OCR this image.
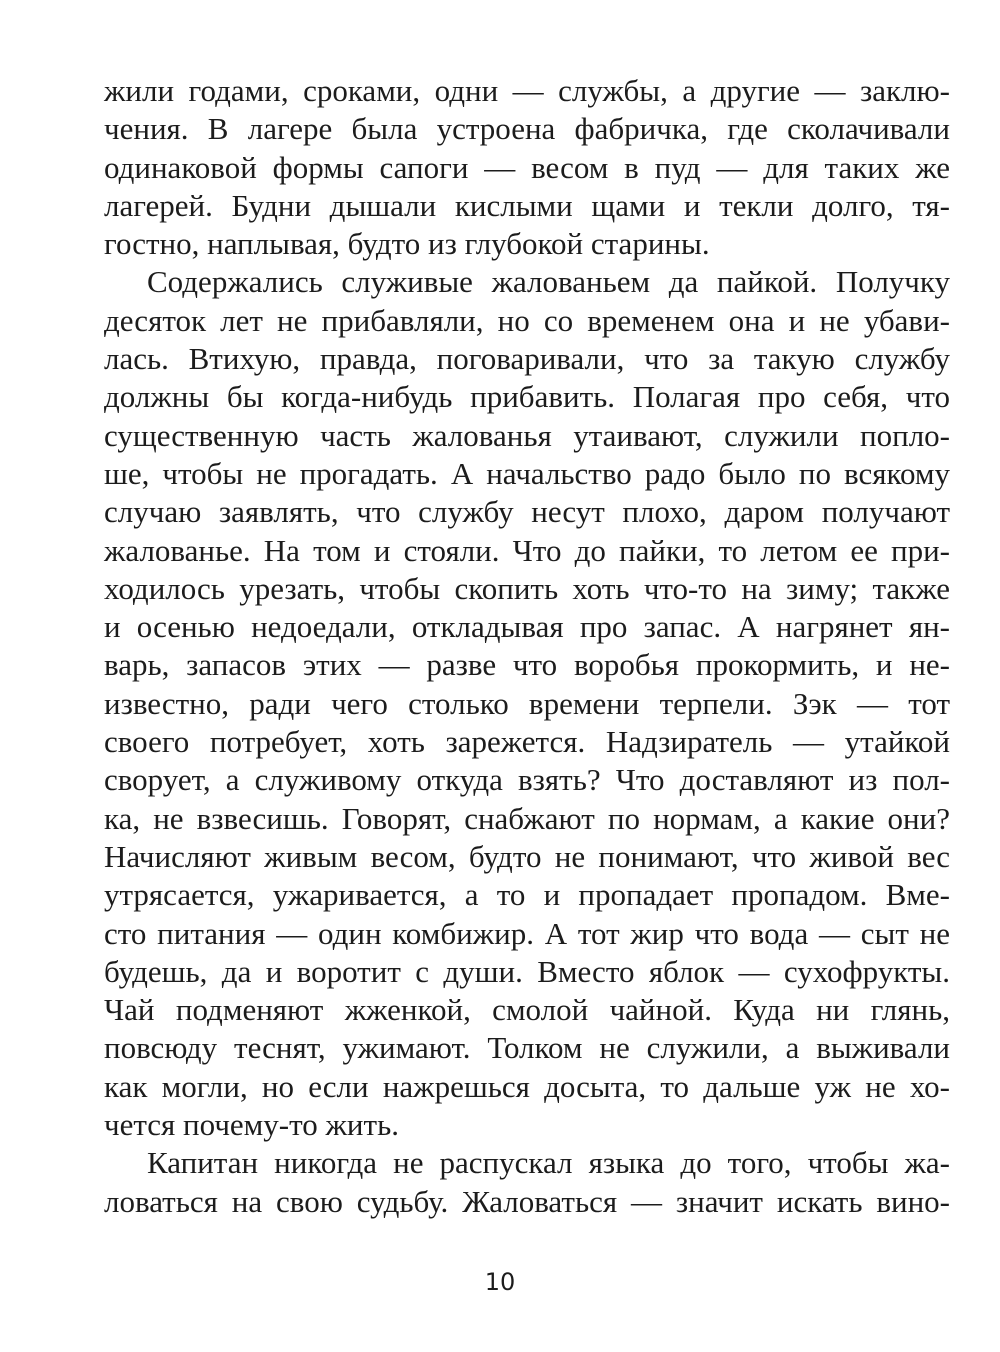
жили годами, сроками, одни — службы, а другие — заклю-
чения. В лагере была устроена фабричка, где сколачивали
одинаковой формы сапоги — весом в пуд — для таких же
лагерей. Будни дышали кислыми щами и текли долго, тя-
гостно, наплывая, будто из глубокой старины.

Содержались служивые жалованьем да пайкой. Получку
десяток лет не прибавляли, но со временем она и не убави-
лась. Втихую, правда, поговаривали, что за такую службу
должны бы когда-нибудь прибавить. Полагая про себя, что
существенную часть жалованья утаивают, служили попло-
ше, чтобы не прогадать. А начальство радо было по всякому
случаю заявлять, что службу несут плохо, даром получают
жалованье. На том и стояли. Что до пайки, то летом ее при-
ходилось урезать, чтобы скопить хоть что-то на зиму; также
и осенью недоедали, откладывая про запас. А нагрянет ян-
варь, запасов этих — разве что воробья прокормить, и не-
известно, ради чего столько времени терпели. Зэк — тот
своего потребует, хоть зарежется. Надзиратель — утайкой
сворует, а служивому откуда взять? Что доставляют из пол-
ка, не взвесишь. Говорят, снабжают по нормам, а какие они?
Начисляют живым весом, будто не понимают, что живой вес
утрясается, ужаривается, а то и пропадает пропадом. Вме-
сто питания — один комбижир. А тот жир что вода — сыт не
будешь, да и воротит с души. Вместо яблок — сухофрукты.
Чай подменяют жженкой, смолой чайной. Куда ни глянь,
повсюду теснят, ужимают. Толком не служили, а выживали
как могли, но если нажрешься досыта, то дальше уж не хо-
чется почему-то жить.

Капитан никогда не распускал языка до того, чтобы жа-
ловаться на свою судьбу. Жаловаться — значит искать вино-

10
